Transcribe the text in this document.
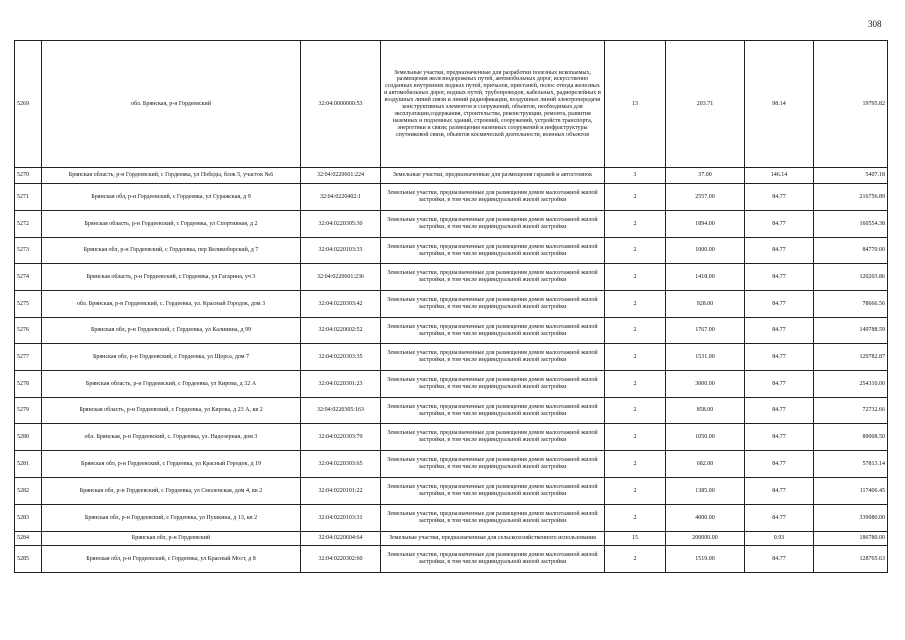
308
5269	обл. Брянская, р-н Гордеевский	32:04:0000000:53	Земельные участки, предназначенные для разработки полезных ископаемых, размещения железнодорожных путей, автомобильных дорог, искусственно созданных внутренних водных путей, причалов, пристаней, полос отвода железных и автомобильных дорог, водных путей, трубопроводов, кабельных, радиорелейных и воздушных линий связи и линий радиофикации, воздушных линий электропередачи конструктивных элементов и сооружений, объектов, необходимых для эксплуатации,содержания, строительства, реконструкции, ремонта, развития наземных и подземных зданий, строений, сооружений, устройств транспорта, энергетики и связи; размещения наземных сооружений и инфраструктуры спутниковой связи, объектов космической деятельности, военных объектов	13	203.71	98.14	19795.82
5270	Брянская область, р-н Гордеевский, с Гордеевка, ул Победы, блок 5, участок №6	32:04:0220601:224	Земельные участки, предназначенные для размещения гаражей и автостоянок	3	37.00	146.14	5407.18
5271	Брянская обл, р-н Гордеевский, с Гордеевка, ул Суражская, д 9	32:04:0220402:1	Земельные участки, предназначенные для размещения домов малоэтажной жилой застройки, в том числе индивидуальной жилой застройки	2	2557.00	84.77	216756.89
5272	Брянская область, р-н Гордеевский, с Гордеевка, ул Спортивная, д 2	32:04:0220305:30	Земельные участки, предназначенные для размещения домов малоэтажной жилой застройки, в том числе индивидуальной жилой застройки	2	1894.00	84.77	160554.38
5273	Брянская обл, р-н Гордеевский, с Гордеевка, пер Великоборский, д 7	32:04:0220103:33	Земельные участки, предназначенные для размещения домов малоэтажной жилой застройки, в том числе индивидуальной жилой застройки	2	1000.00	84.77	84770.00
5274	Брянская область, р-н Гордеевский, с Гордеевка, ул Гагарина, уч 3	32:04:0220601:236	Земельные участки, предназначенные для размещения домов малоэтажной жилой застройки, в том числе индивидуальной жилой застройки	2	1418.00	84.77	120203.86
5275	обл. Брянская, р-н Гордеевский, с. Гордеевка, ул. Красный Городок, дом 3	32:04:0220303:42	Земельные участки, предназначенные для размещения домов малоэтажной жилой застройки, в том числе индивидуальной жилой застройки	2	928.00	84.77	78666.56
5276	Брянская обл, р-н Гордеевский, с Гордеевка, ул Калинина, д 99	32:04:0220602:52	Земельные участки, предназначенные для размещения домов малоэтажной жилой застройки, в том числе индивидуальной жилой застройки	2	1767.00	84.77	149788.59
5277	Брянская обл, р-н Гордеевский, с Гордеевка, ул Щорса, дом 7	32:04:0220303:35	Земельные участки, предназначенные для размещения домов малоэтажной жилой застройки, в том числе индивидуальной жилой застройки	2	1531.00	84.77	129782.87
5278	Брянская область, р-н Гордеевский, с Гордеевка, ул Кирова, д 32 А	32:04:0220301:23	Земельные участки, предназначенные для размещения домов малоэтажной жилой застройки, в том числе индивидуальной жилой застройки	2	3000.00	84.77	254310.00
5279	Брянская область, р-н Гордеевский, с Гордеевка, ул Кирова, д 23 А, кв 2	32:04:0220305:163	Земельные участки, предназначенные для размещения домов малоэтажной жилой застройки, в том числе индивидуальной жилой застройки	2	858.00	84.77	72732.66
5280	обл. Брянская, р-н Гордеевский, с. Гордеевка, ул. Надозерная, дом 3	32:04:0220303:79	Земельные участки, предназначенные для размещения домов малоэтажной жилой застройки, в том числе индивидуальной жилой застройки	2	1050.00	84.77	89008.50
5281	Брянская обл, р-н Гордеевский, с Гордеевка, ул Красный Городок, д 19	32:04:0220303:65	Земельные участки, предназначенные для размещения домов малоэтажной жилой застройки, в том числе индивидуальной жилой застройки	2	682.00	84.77	57813.14
5282	Брянская обл, р-н Гордеевский, с Гордеевка, ул Смоленская, дом 4, кв 2	32:04:0220101:22	Земельные участки, предназначенные для размещения домов малоэтажной жилой застройки, в том числе индивидуальной жилой застройки	2	1385.00	84.77	117406.45
5283	Брянская обл, р-н Гордеевский, с Гордеевка, ул Пушкина, д 13, кв 2	32:04:0220103:31	Земельные участки, предназначенные для размещения домов малоэтажной жилой застройки, в том числе индивидуальной жилой застройки	2	4000.00	84.77	339080.00
5284	Брянская обл, р-н Гордеевский	32:04:0220604:64	Земельные участки, предназначенные для сельскохозяйственного использования	15	200000.00	0.93	186780.00
5285	Брянская обл, р-н Гордеевский, с Гордеевка, ул Красный Мост, д 8	32:04:0220302:60	Земельные участки, предназначенные для размещения домов малоэтажной жилой застройки, в том числе индивидуальной жилой застройки	2	1519.00	84.77	128765.63
